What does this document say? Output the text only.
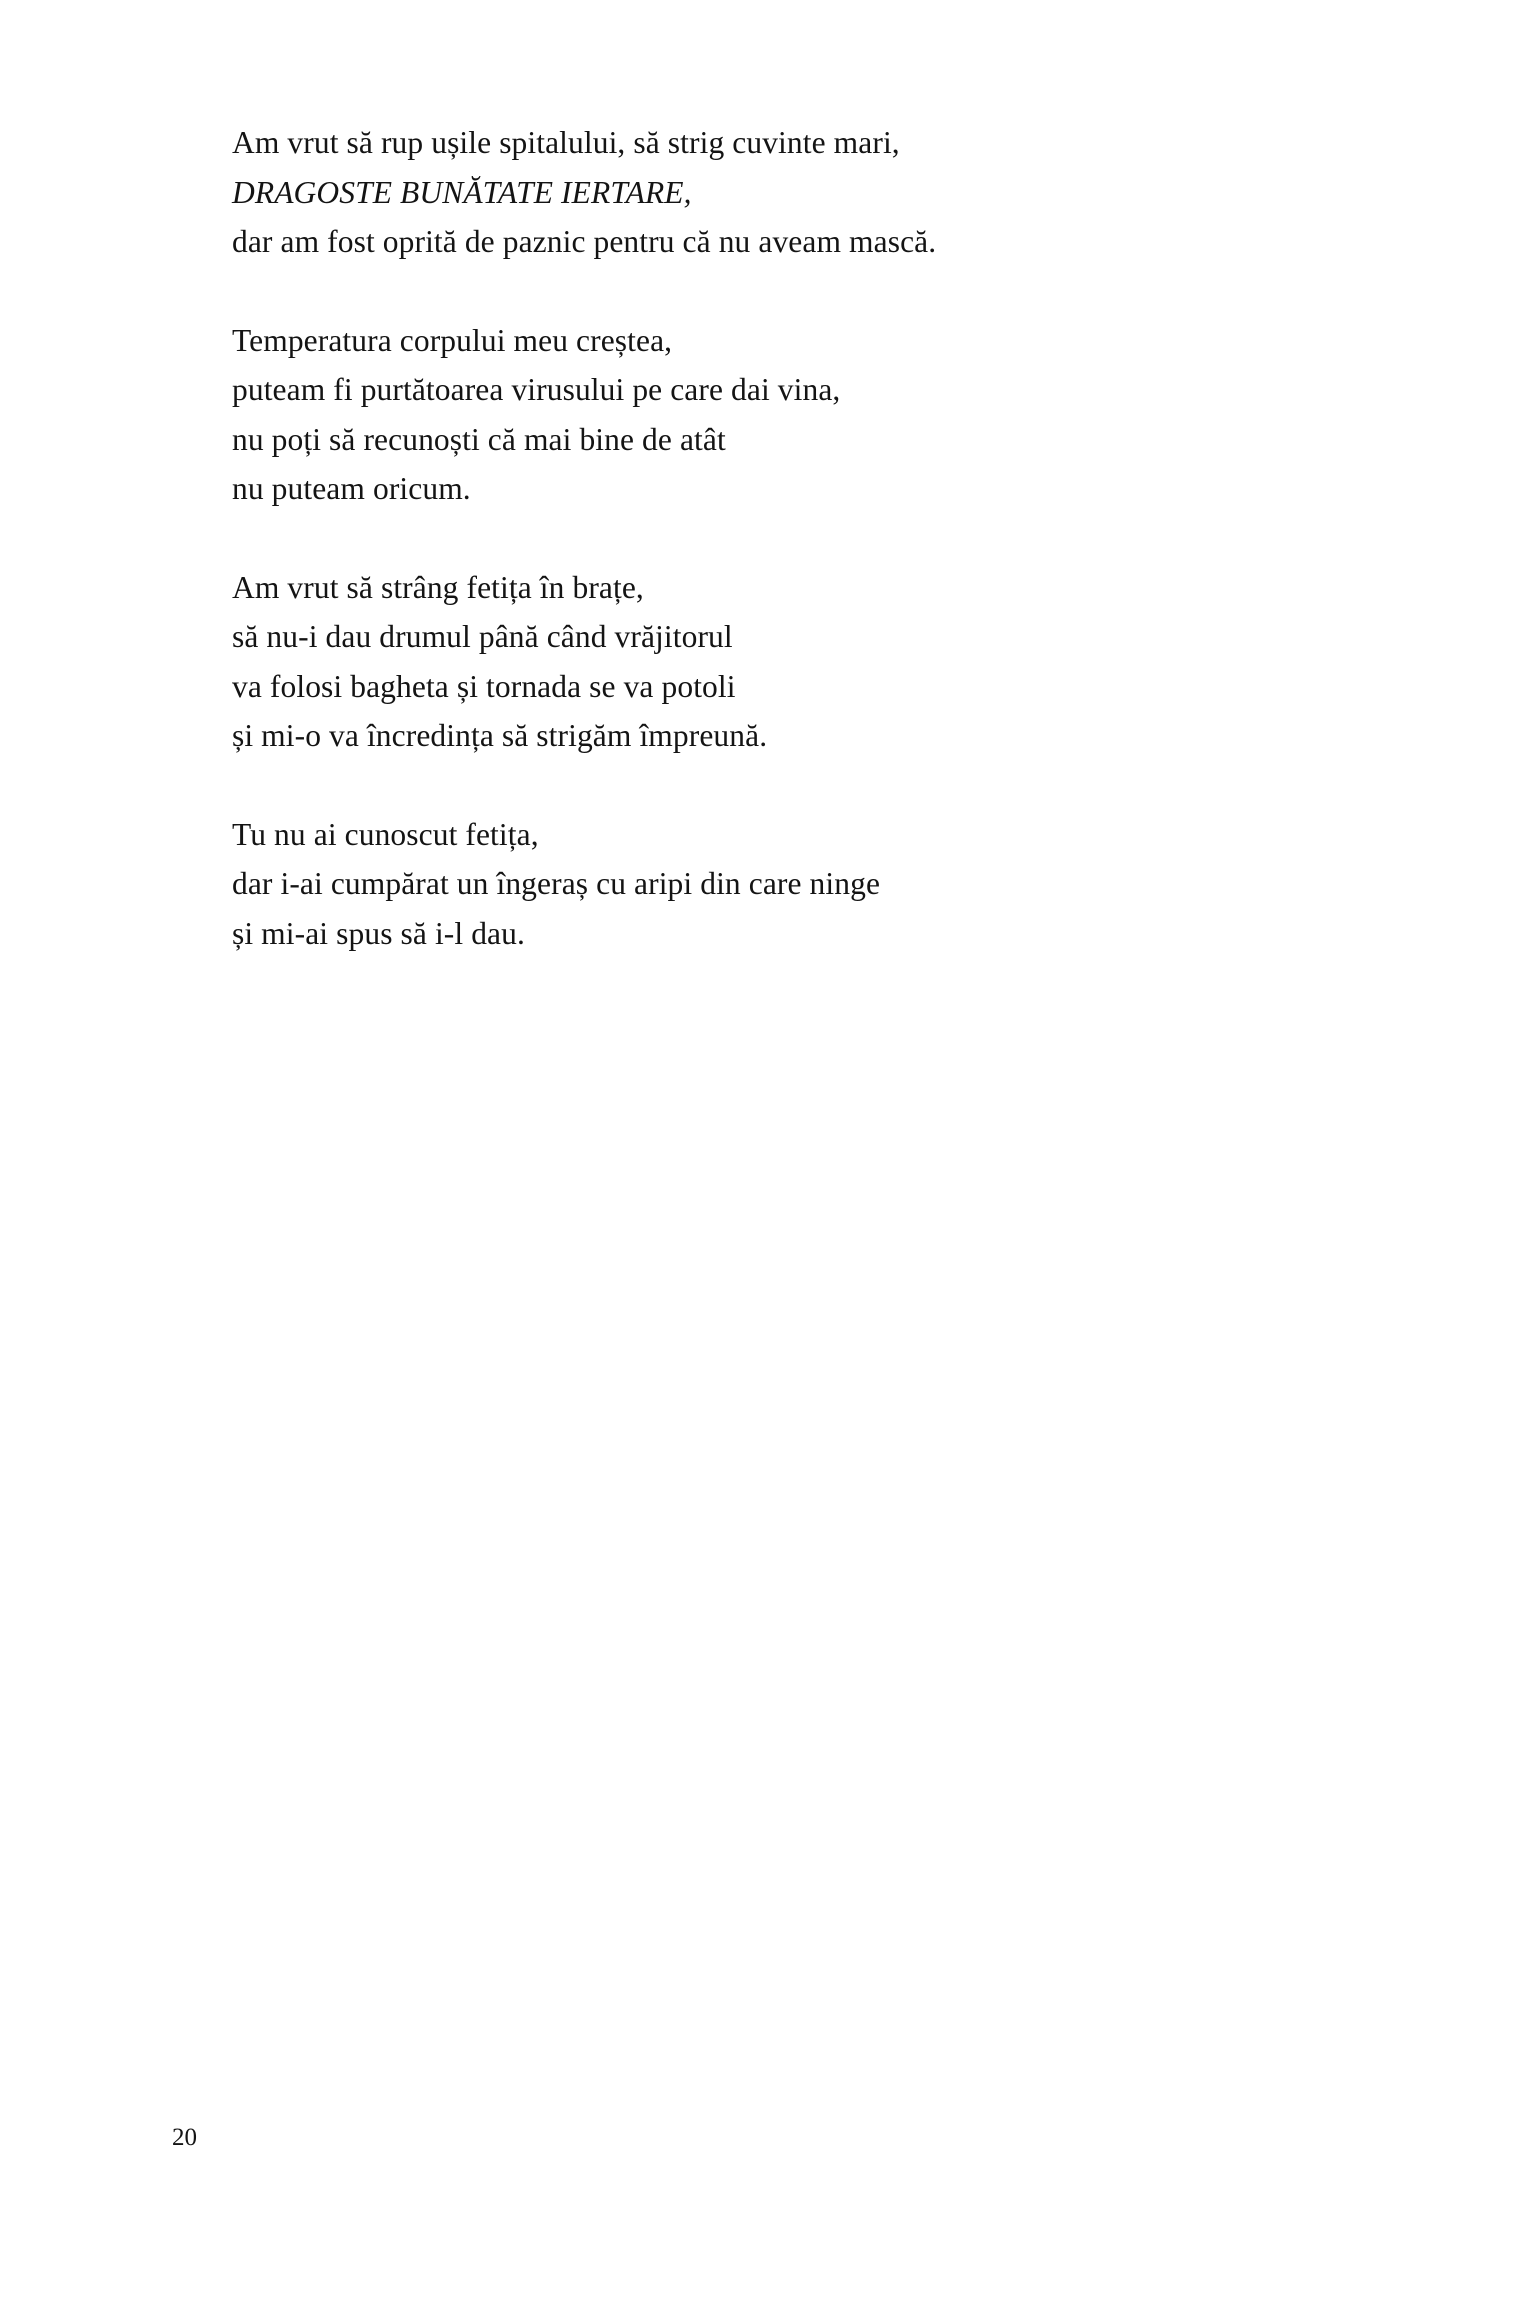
Am vrut să rup ușile spitalului, să strig cuvinte mari,
DRAGOSTE BUNĂTATE IERTARE,
dar am fost oprită de paznic pentru că nu aveam mască.
Temperatura corpului meu creștea,
puteam fi purtătoarea virusului pe care dai vina,
nu poți să recunoști că mai bine de atât
nu puteam oricum.
Am vrut să strâng fetița în brațe,
să nu-i dau drumul până când vrăjitorul
va folosi bagheta și tornada se va potoli
și mi-o va încredința să strigăm împreună.
Tu nu ai cunoscut fetița,
dar i-ai cumpărat un îngeraș cu aripi din care ninge
și mi-ai spus să i-l dau.
20
